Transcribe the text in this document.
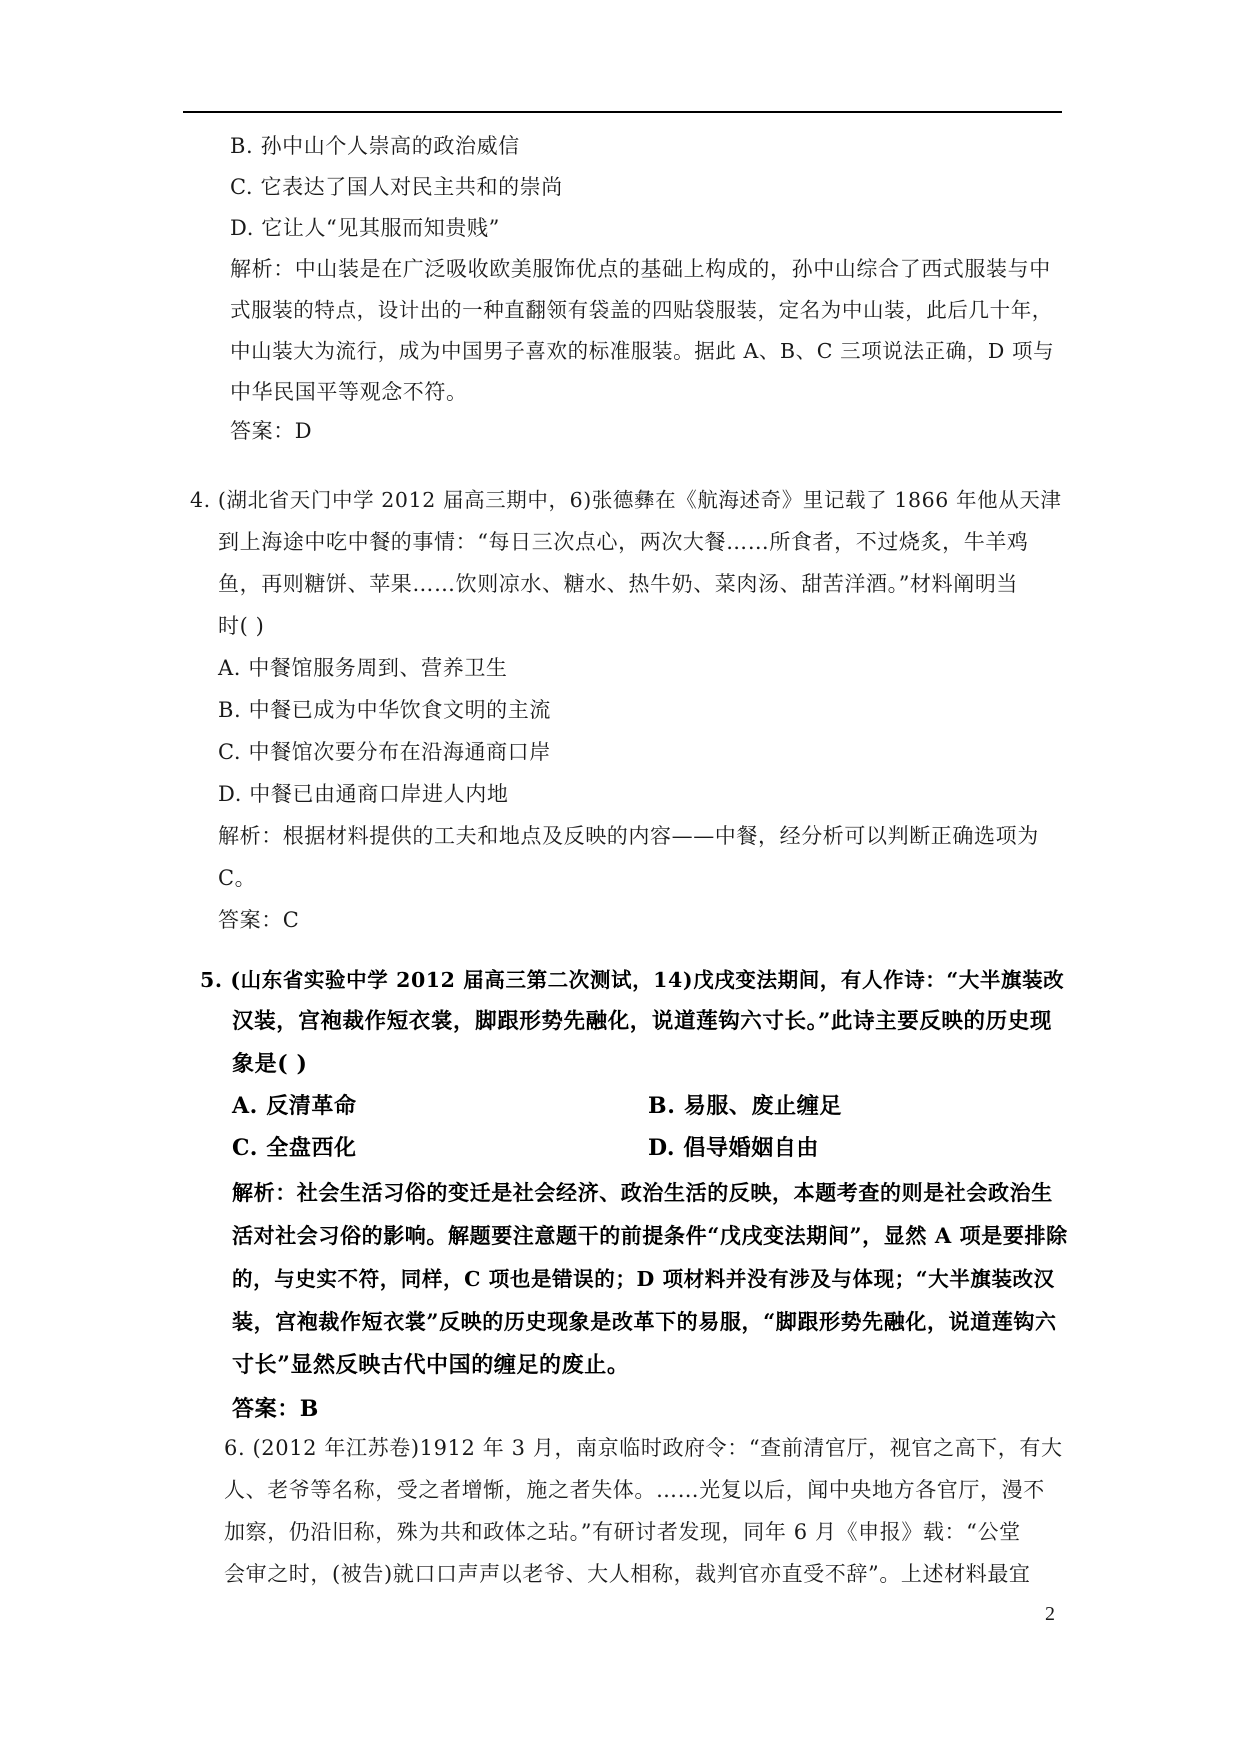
B. 孙中山个人崇高的政治威信
C. 它表达了国人对民主共和的崇尚
D. 它让人“见其服而知贵贱”
解析：中山装是在广泛吸收欧美服饰优点的基础上构成的，孙中山综合了西式服装与中
式服装的特点，设计出的一种直翻领有袋盖的四贴袋服装，定名为中山装，此后几十年，
中山装大为流行，成为中国男子喜欢的标准服装。据此 A、B、C 三项说法正确，D 项与
中华民国平等观念不符。
答案：D
4. (湖北省天门中学 2012 届高三期中，6)张德彝在《航海述奇》里记载了 1866 年他从天津
到上海途中吃中餐的事情：“每日三次点心，两次大餐……所食者，不过烧炙，牛羊鸡
鱼，再则糖饼、苹果……饮则凉水、糖水、热牛奶、菜肉汤、甜苦洋酒。”材料阐明当
时( )
A. 中餐馆服务周到、营养卫生
B. 中餐已成为中华饮食文明的主流
C. 中餐馆次要分布在沿海通商口岸
D. 中餐已由通商口岸进人内地
解析：根据材料提供的工夫和地点及反映的内容——中餐，经分析可以判断正确选项为
C。
答案：C
5. (山东省实验中学 2012 届高三第二次测试，14)戊戌变法期间，有人作诗：“大半旗装改
汉装，宫袍裁作短衣裳，脚跟形势先融化，说道莲钩六寸长。”此诗主要反映的历史现
象是( )
A. 反清革命	B. 易服、废止缠足
C. 全盘西化	D. 倡导婚姻自由
解析：社会生活习俗的变迁是社会经济、政治生活的反映，本题考查的则是社会政治生
活对社会习俗的影响。解题要注意题干的前提条件“戊戌变法期间”，显然 A 项是要排除
的，与史实不符，同样，C 项也是错误的；D 项材料并没有涉及与体现；“大半旗装改汉
装，宫袍裁作短衣裳”反映的历史现象是改革下的易服，“脚跟形势先融化，说道莲钩六
寸长”显然反映古代中国的缠足的废止。
答案：B
6. (2012 年江苏卷)1912 年 3 月，南京临时政府令：“查前清官厅，视官之高下，有大
人、老爷等名称，受之者增惭，施之者失体。……光复以后，闻中央地方各官厅，漫不
加察，仍沿旧称，殊为共和政体之玷。”有研讨者发现，同年 6 月《申报》载：“公堂
会审之时，(被告)就口口声声以老爷、大人相称，裁判官亦直受不辞”。上述材料最宜
2
